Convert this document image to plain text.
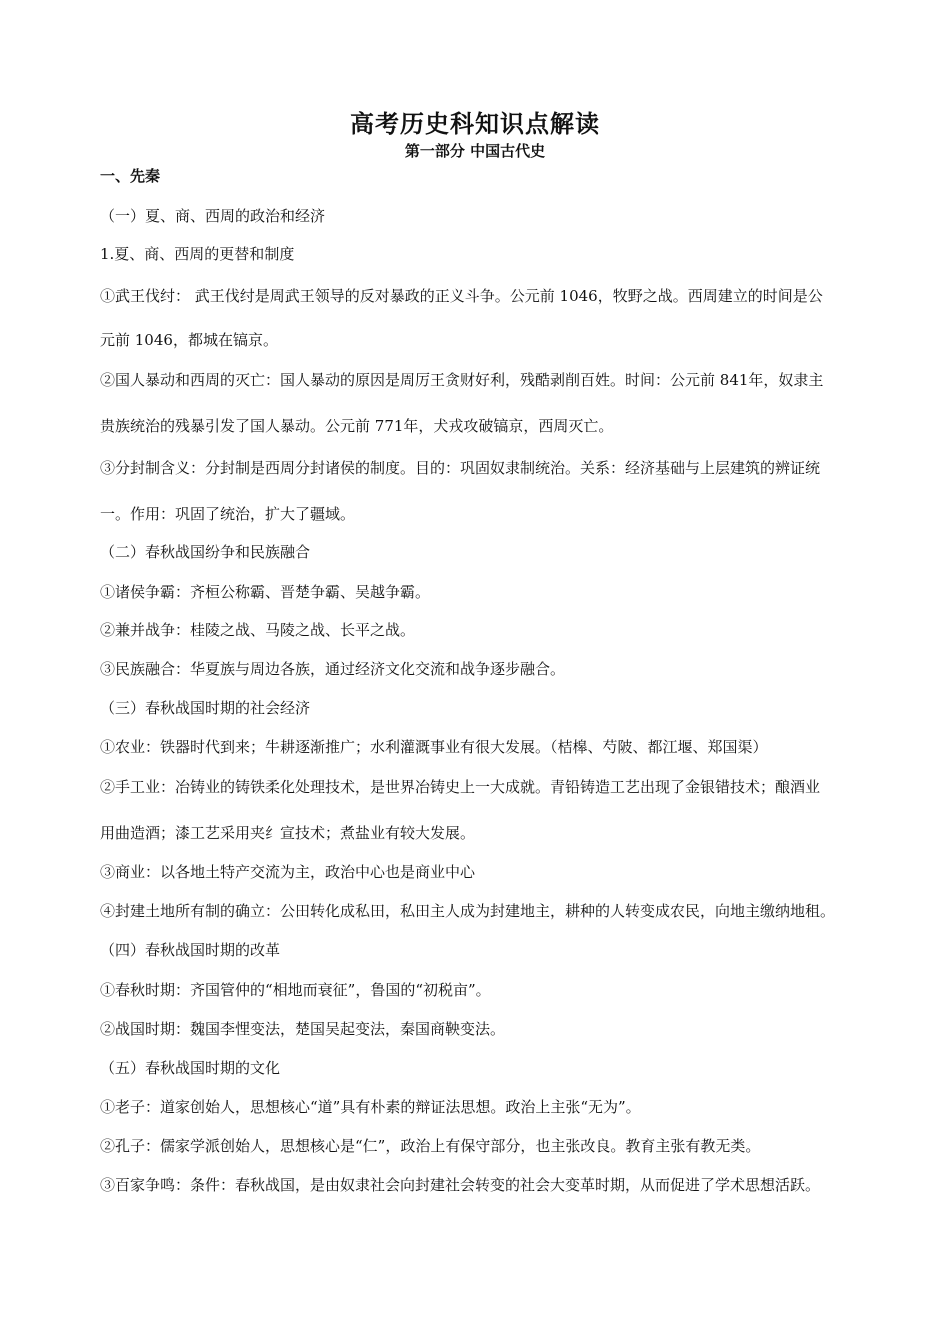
高考历史科知识点解读
第一部分 中国古代史
一、先秦
（一）夏、商、西周的政治和经济
1.夏、商、西周的更替和制度
①武王伐纣： 武王伐纣是周武王领导的反对暴政的正义斗争。公元前 1046，牧野之战。西周建立的时间是公
元前 1046，都城在镐京。
②国人暴动和西周的灭亡：国人暴动的原因是周厉王贪财好利，残酷剥削百姓。时间：公元前 841年，奴隶主
贵族统治的残暴引发了国人暴动。公元前 771年，犬戎攻破镐京，西周灭亡。
③分封制含义：分封制是西周分封诸侯的制度。目的：巩固奴隶制统治。关系：经济基础与上层建筑的辨证统
一。作用：巩固了统治，扩大了疆域。
（二）春秋战国纷争和民族融合
①诸侯争霸：齐桓公称霸、晋楚争霸、吴越争霸。
②兼并战争：桂陵之战、马陵之战、长平之战。
③民族融合：华夏族与周边各族，通过经济文化交流和战争逐步融合。
（三）春秋战国时期的社会经济
①农业：铁器时代到来；牛耕逐渐推广；水利灌溉事业有很大发展。（桔槔、芍陂、都江堰、郑国渠）
②手工业：冶铸业的铸铁柔化处理技术，是世界冶铸史上一大成就。青铅铸造工艺出现了金银错技术；酿酒业
用曲造酒；漆工艺采用夹纟宣技术；煮盐业有较大发展。
③商业：以各地土特产交流为主，政治中心也是商业中心
④封建土地所有制的确立：公田转化成私田，私田主人成为封建地主，耕种的人转变成农民，向地主缴纳地租。
（四）春秋战国时期的改革
①春秋时期：齐国管仲的“相地而衰征”，鲁国的“初税亩”。
②战国时期：魏国李悝变法，楚国吴起变法，秦国商鞅变法。
（五）春秋战国时期的文化
①老子：道家创始人，思想核心“道”具有朴素的辩证法思想。政治上主张“无为”。
②孔子：儒家学派创始人，思想核心是“仁”，政治上有保守部分，也主张改良。教育主张有教无类。
③百家争鸣：条件：春秋战国，是由奴隶社会向封建社会转变的社会大变革时期，从而促进了学术思想活跃。
